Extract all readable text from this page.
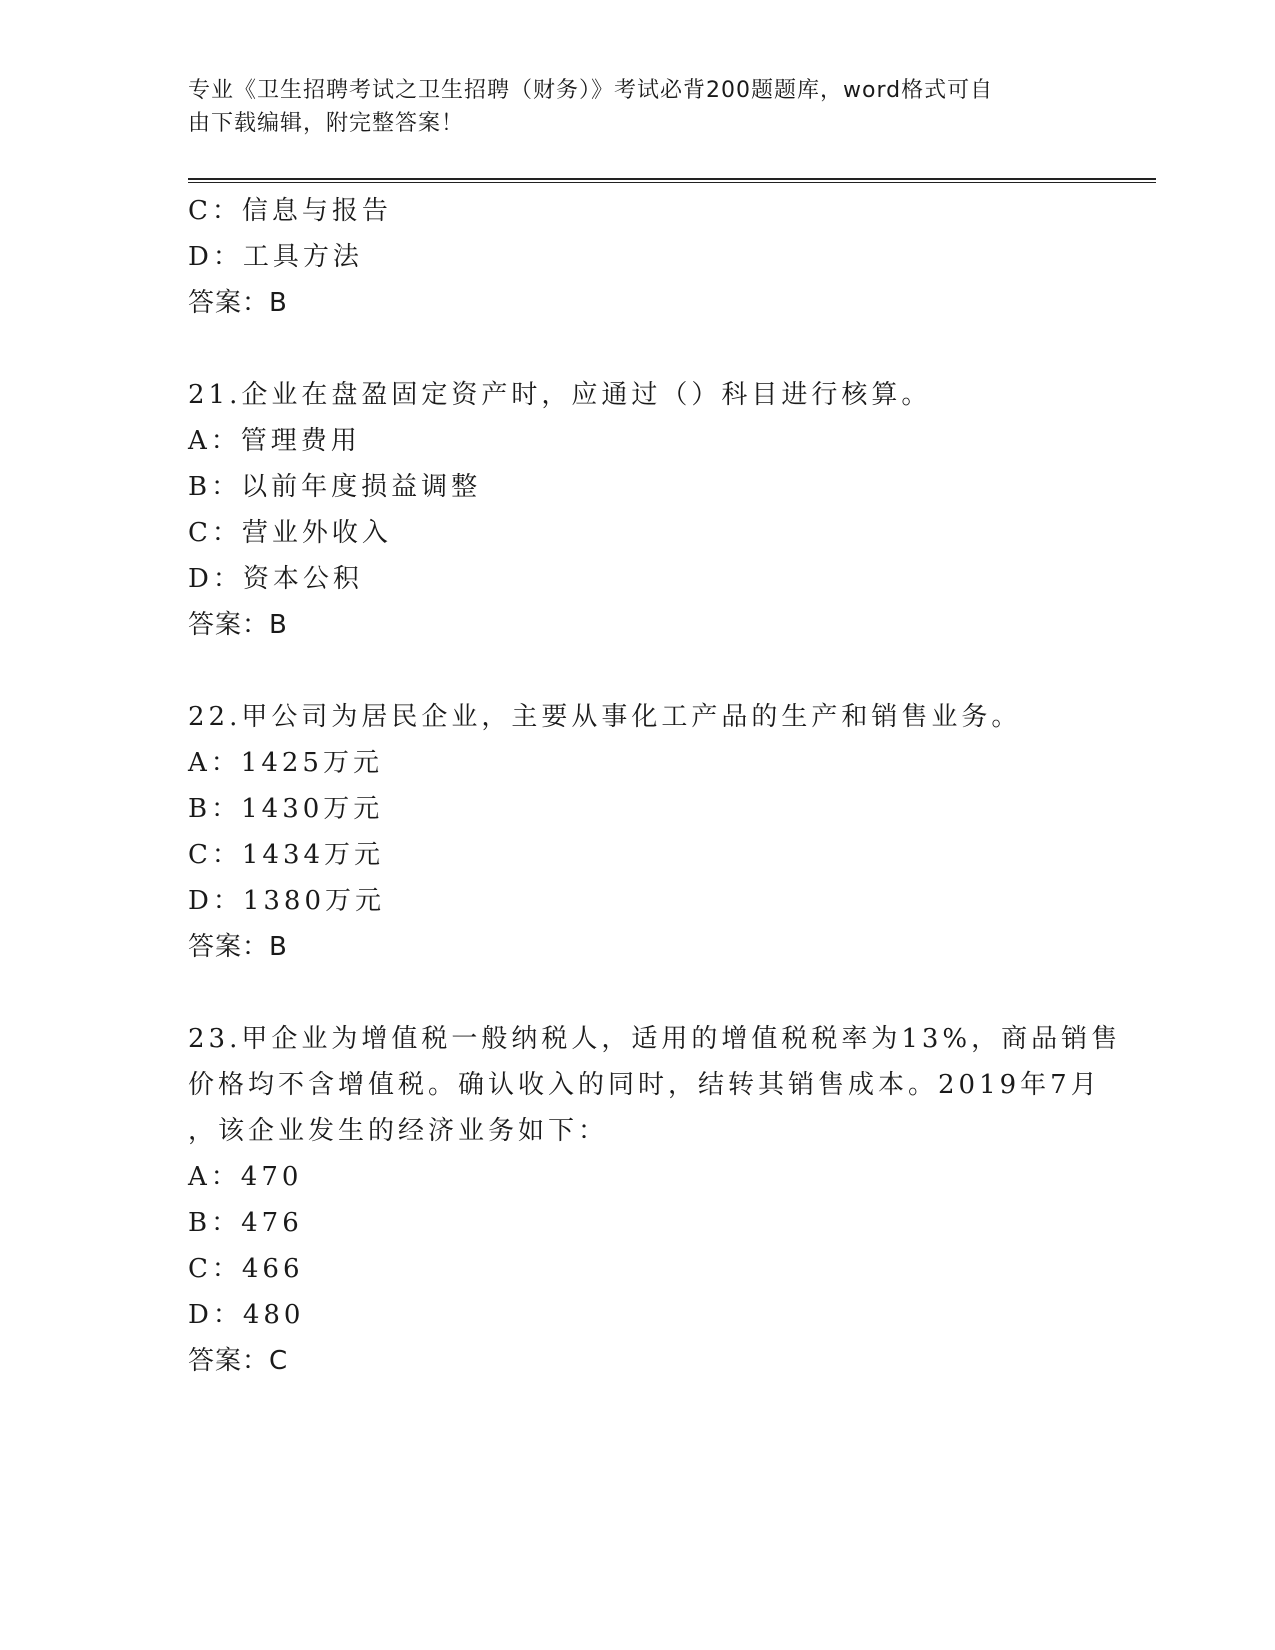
专业《卫生招聘考试之卫生招聘（财务）》考试必背200题题库，word格式可自
由下载编辑，附完整答案！
C：信息与报告
D：工具方法
答案：B
21.企业在盘盈固定资产时，应通过（）科目进行核算。
A：管理费用
B：以前年度损益调整
C：营业外收入
D：资本公积
答案：B
22.甲公司为居民企业，主要从事化工产品的生产和销售业务。
A：1425万元
B：1430万元
C：1434万元
D：1380万元
答案：B
23.甲企业为增值税一般纳税人，适用的增值税税率为13%，商品销售
价格均不含增值税。确认收入的同时，结转其销售成本。2019年7月
，该企业发生的经济业务如下：
A：470
B：476
C：466
D：480
答案：C
